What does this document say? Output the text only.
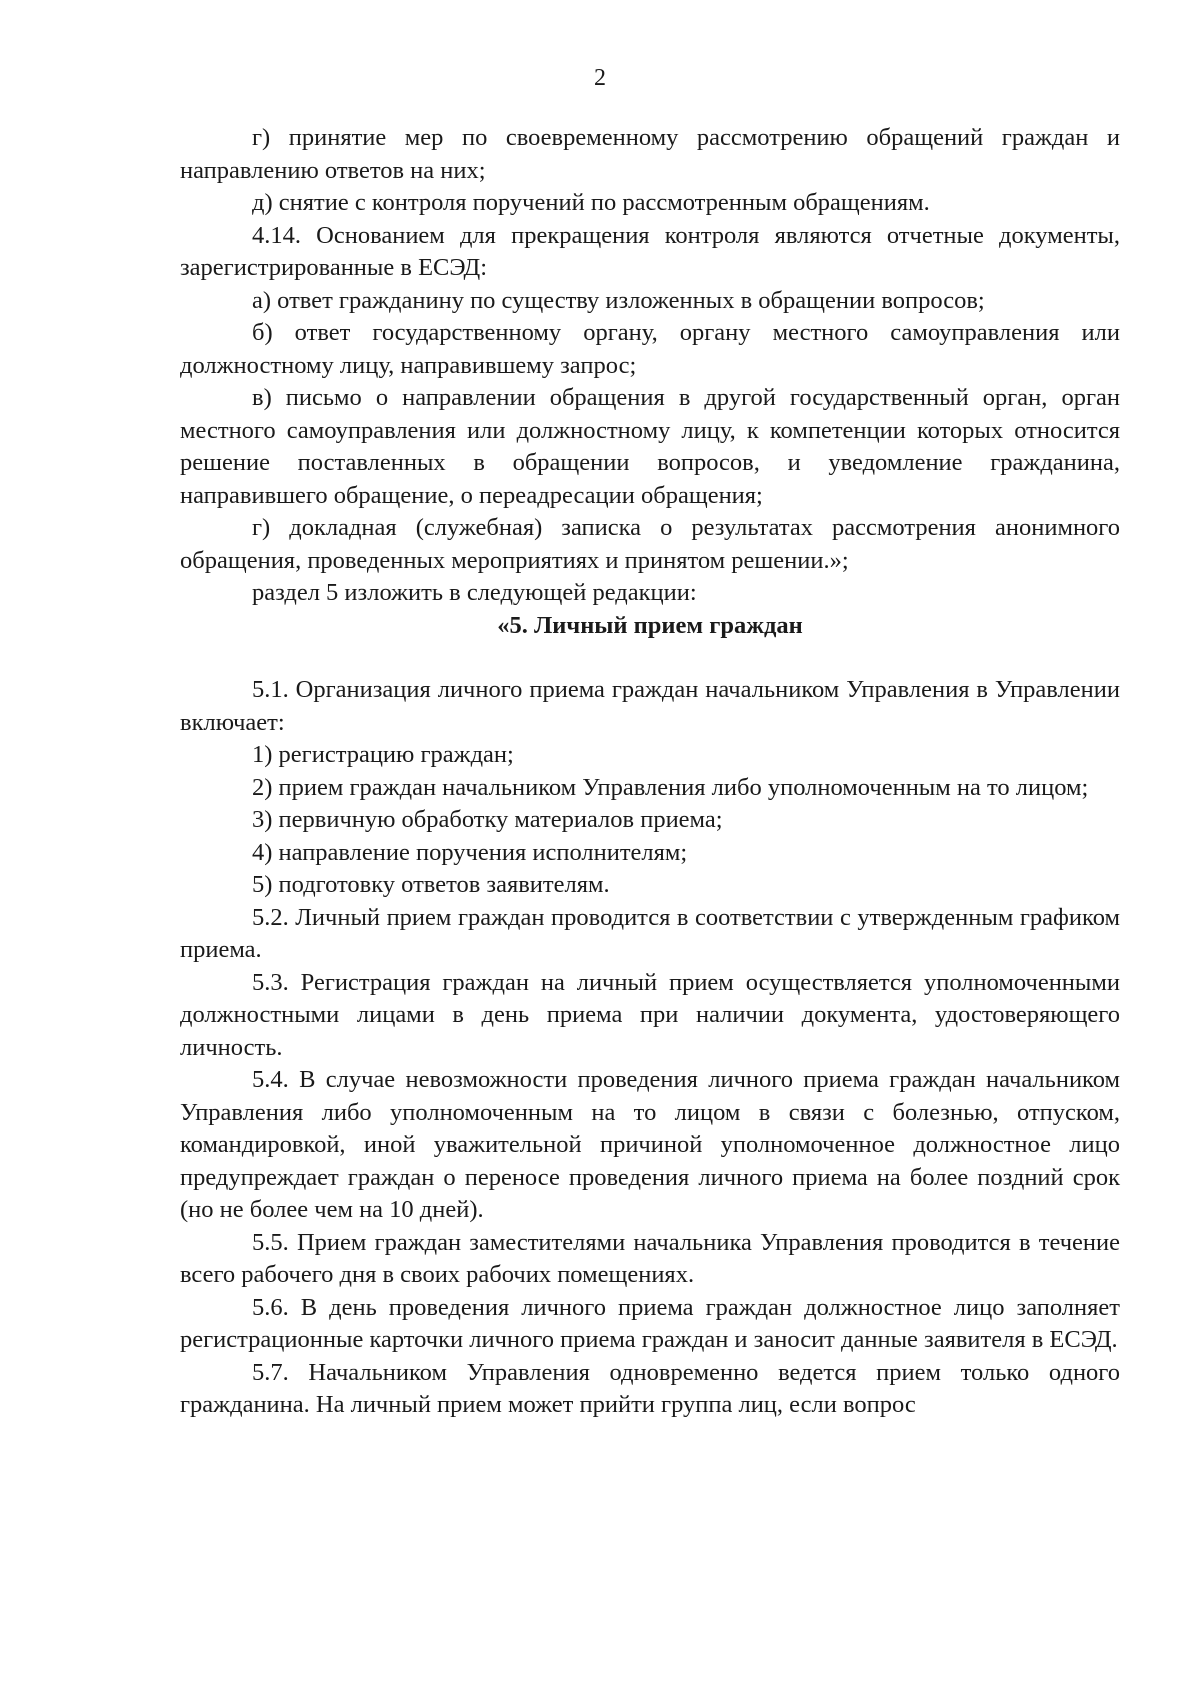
2

г) принятие мер по своевременному рассмотрению обращений граждан и направлению ответов на них;

д) снятие с контроля поручений по рассмотренным обращениям.

4.14. Основанием для прекращения контроля являются отчетные документы, зарегистрированные в ЕСЭД:

а) ответ гражданину по существу изложенных в обращении вопросов;

б) ответ государственному органу, органу местного самоуправления или должностному лицу, направившему запрос;

в) письмо о направлении обращения в другой государственный орган, орган местного самоуправления или должностному лицу, к компетенции которых относится решение поставленных в обращении вопросов, и уведомление гражданина, направившего обращение, о переадресации обращения;

г) докладная (служебная) записка о результатах рассмотрения анонимного обращения, проведенных мероприятиях и принятом решении.»;

раздел 5 изложить в следующей редакции:

«5. Личный прием граждан

5.1. Организация личного приема граждан начальником Управления в Управлении включает:

1) регистрацию граждан;

2) прием граждан начальником Управления либо уполномоченным на то лицом;

3) первичную обработку материалов приема;

4) направление поручения исполнителям;

5) подготовку ответов заявителям.

5.2. Личный прием граждан проводится в соответствии с утвержденным графиком приема.

5.3. Регистрация граждан на личный прием осуществляется уполномоченными должностными лицами в день приема при наличии документа, удостоверяющего личность.

5.4. В случае невозможности проведения личного приема граждан начальником Управления либо уполномоченным на то лицом в связи с болезнью, отпуском, командировкой, иной уважительной причиной уполномоченное должностное лицо предупреждает граждан о переносе проведения личного приема на более поздний срок (но не более чем на 10 дней).

5.5. Прием граждан заместителями начальника Управления проводится в течение всего рабочего дня в своих рабочих помещениях.

5.6. В день проведения личного приема граждан должностное лицо заполняет регистрационные карточки личного приема граждан и заносит данные заявителя в ЕСЭД.

5.7. Начальником Управления одновременно ведется прием только одного гражданина. На личный прием может прийти группа лиц, если вопрос
